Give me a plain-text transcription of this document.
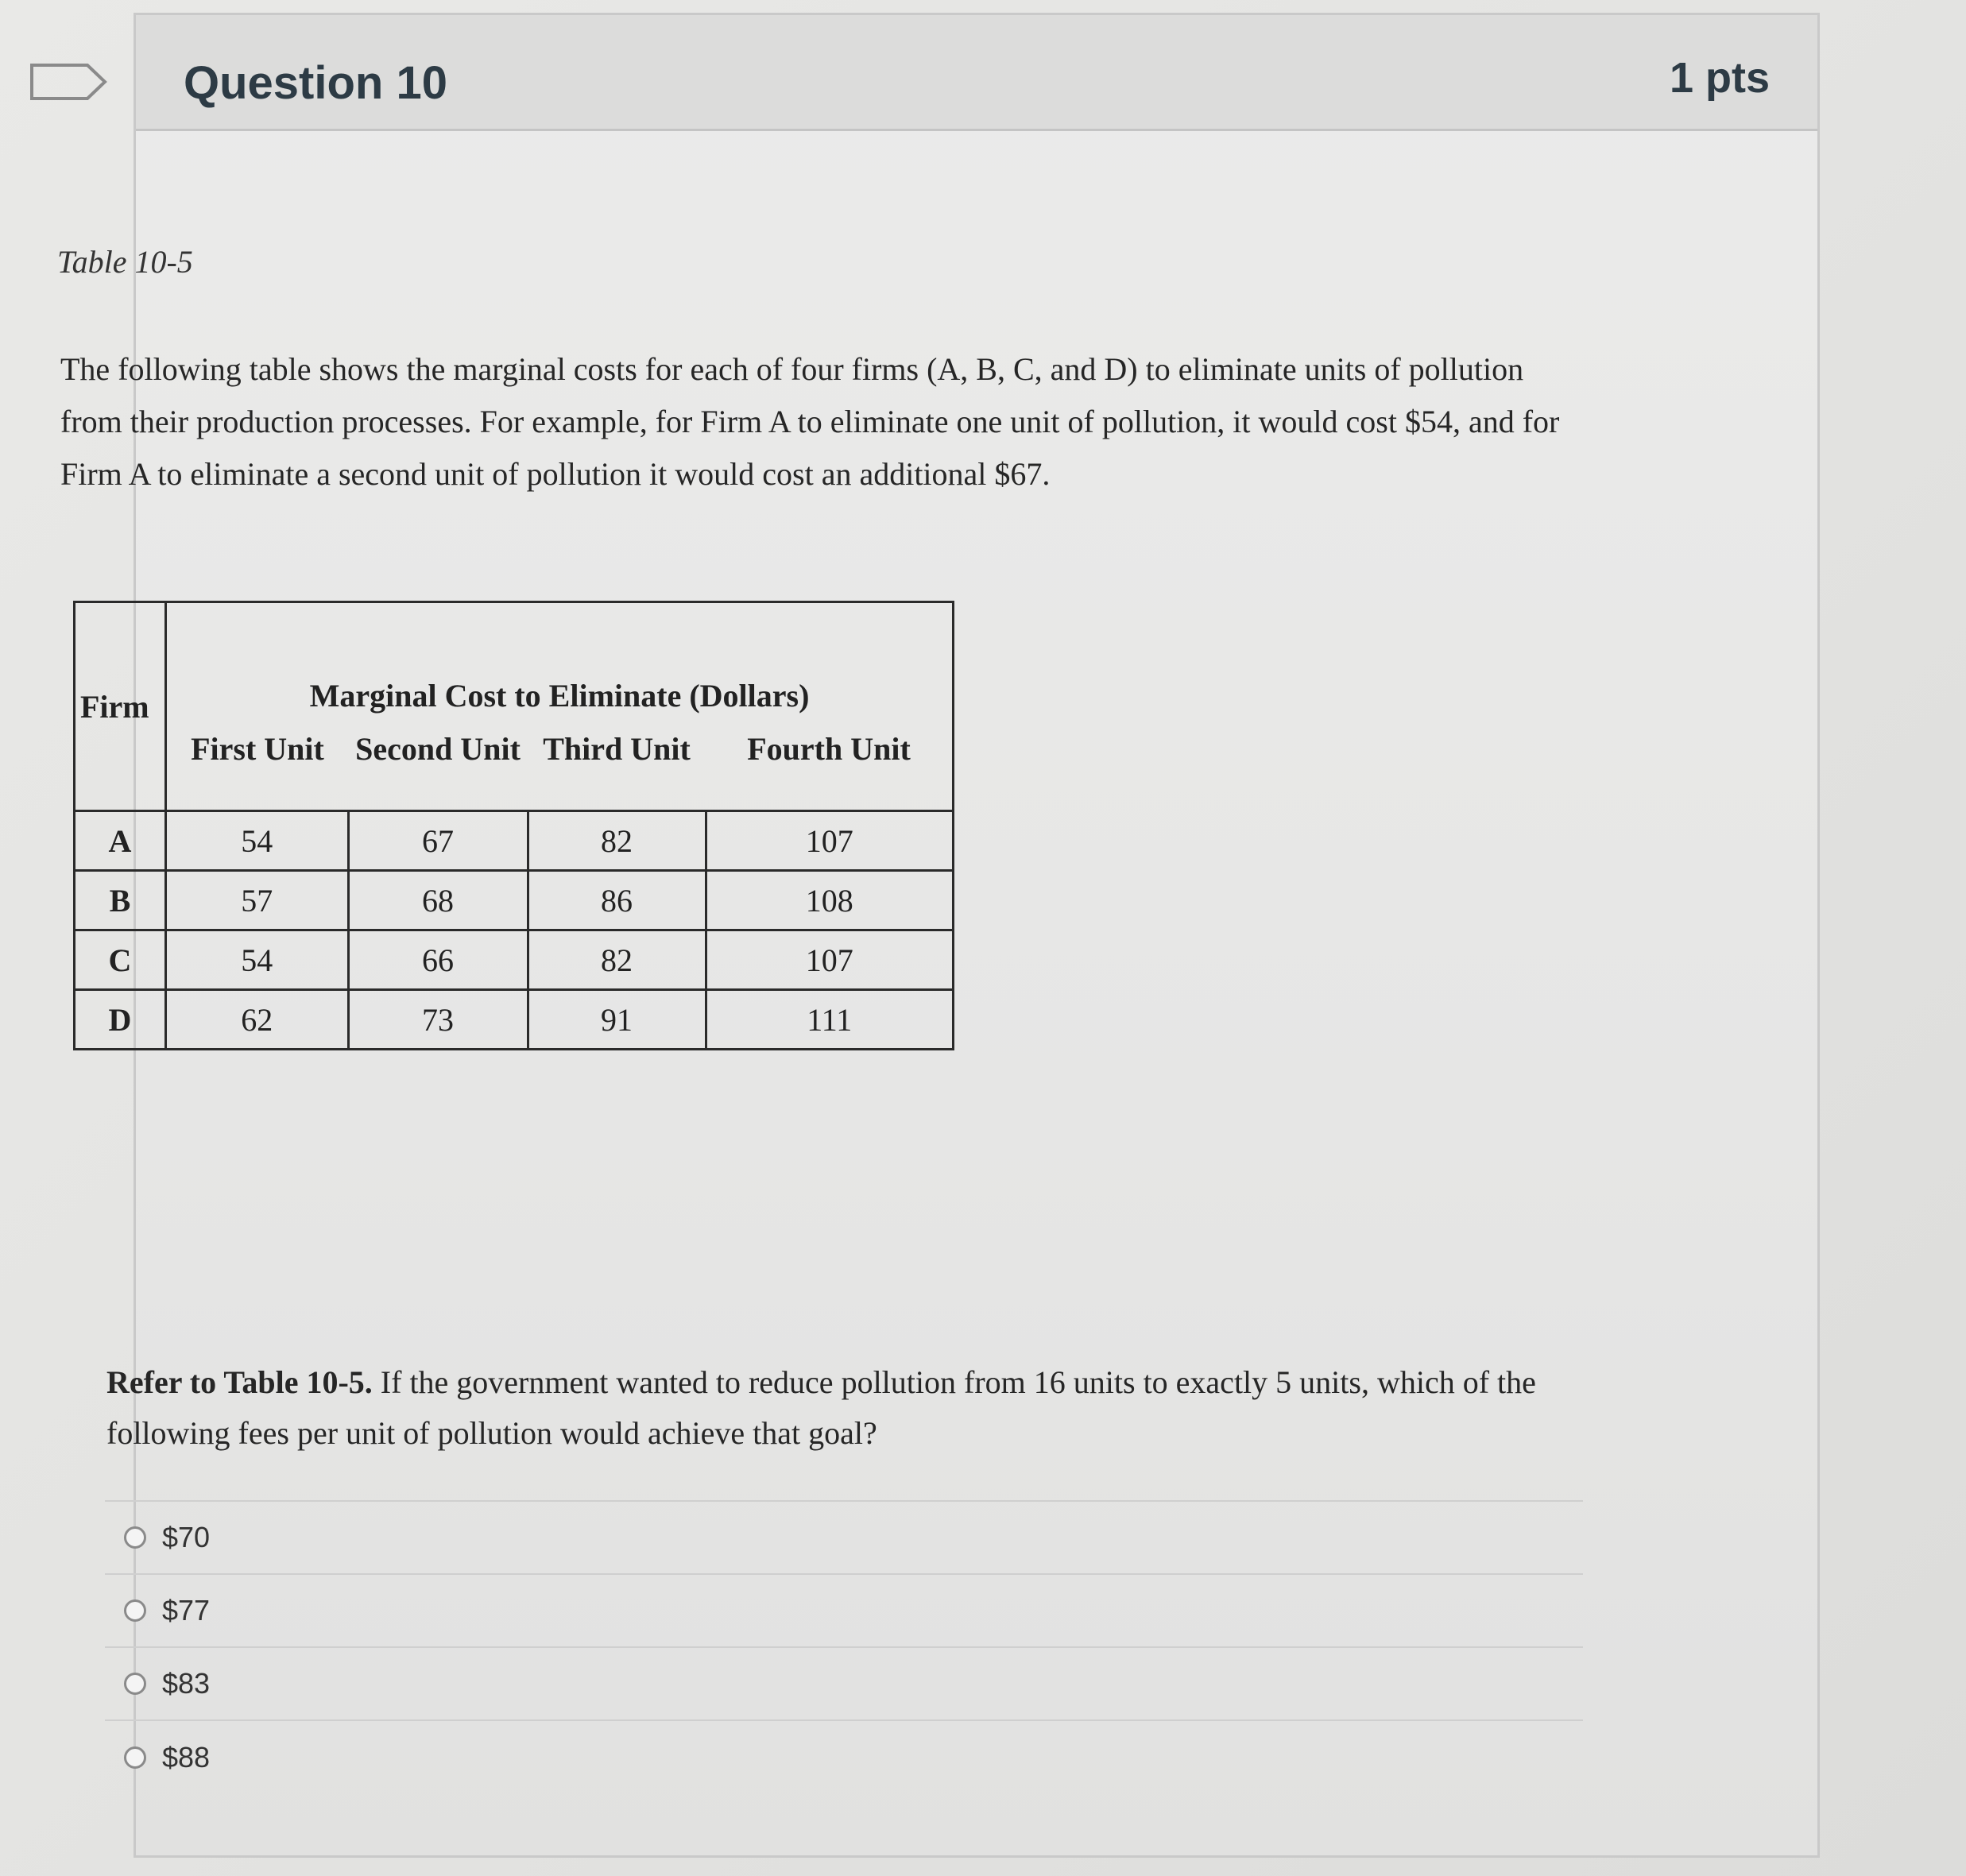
Question 10	1 pts
Table 10-5
The following table shows the marginal costs for each of four firms (A, B, C, and D) to eliminate units of pollution from their production processes. For example, for Firm A to eliminate one unit of pollution, it would cost $54, and for Firm A to eliminate a second unit of pollution it would cost an additional $67.
Firm	Marginal Cost to Eliminate (Dollars)			
	First Unit	Second Unit	Third Unit	Fourth Unit
A	54	67	82	107
B	57	68	86	108
C	54	66	82	107
D	62	73	91	111
Refer to Table 10-5. If the government wanted to reduce pollution from 16 units to exactly 5 units, which of the following fees per unit of pollution would achieve that goal?
$70
$77
$83
$88
